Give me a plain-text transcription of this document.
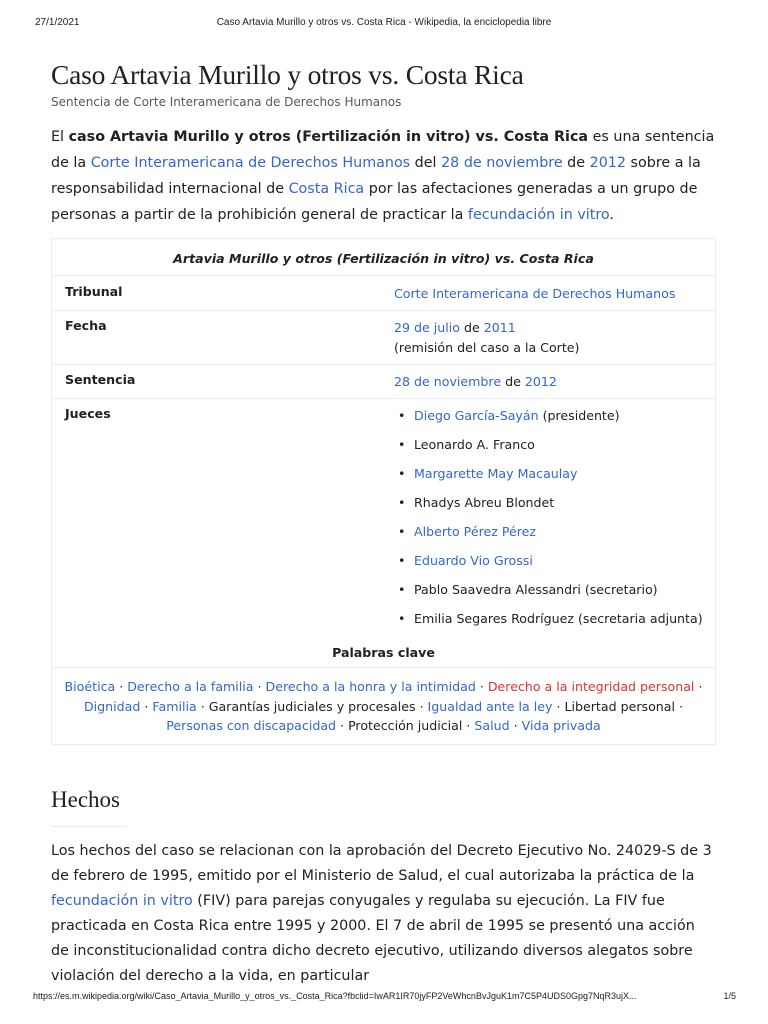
27/1/2021	Caso Artavia Murillo y otros vs. Costa Rica - Wikipedia, la enciclopedia libre
Caso Artavia Murillo y otros vs. Costa Rica
Sentencia de Corte Interamericana de Derechos Humanos

El caso Artavia Murillo y otros (Fertilización in vitro) vs. Costa Rica es una sentencia de la Corte Interamericana de Derechos Humanos del 28 de noviembre de 2012 sobre a la responsabilidad internacional de Costa Rica por las afectaciones generadas a un grupo de personas a partir de la prohibición general de practicar la fecundación in vitro.

Artavia Murillo y otros (Fertilización in vitro) vs. Costa Rica
Tribunal	Corte Interamericana de Derechos Humanos
Fecha	29 de julio de 2011
(remisión del caso a la Corte)
Sentencia	28 de noviembre de 2012
Jueces
•	Diego García-Sayán (presidente)
• Leonardo A. Franco
• Margarette May Macaulay
• Rhadys Abreu Blondet
• Alberto Pérez Pérez
• Eduardo Vio Grossi
• Pablo Saavedra Alessandri (secretario)
• Emilia Segares Rodríguez (secretaria adjunta)
Palabras clave
Bioética · Derecho a la familia · Derecho a la honra y la intimidad · Derecho a la integridad personal · Dignidad · Familia · Garantías judiciales y procesales · Igualdad ante la ley · Libertad personal · Personas con discapacidad · Protección judicial · Salud · Vida privada
Hechos

Los hechos del caso se relacionan con la aprobación del Decreto Ejecutivo No. 24029-S de 3 de febrero de 1995, emitido por el Ministerio de Salud, el cual autorizaba la práctica de la fecundación in vitro (FIV) para parejas conyugales y regulaba su ejecución. La FIV fue practicada en Costa Rica entre 1995 y 2000. El 7 de abril de 1995 se presentó una acción de inconstitucionalidad contra dicho decreto ejecutivo, utilizando diversos alegatos sobre violación del derecho a la vida, en particular

https://es.m.wikipedia.org/wiki/Caso_Artavia_Murillo_y_otros_vs._Costa_Rica?fbclid=IwAR1IR70jyFP2VeWhcnBvJguK1m7C5P4UDS0Gpg7NqR3ujX...	1/5
